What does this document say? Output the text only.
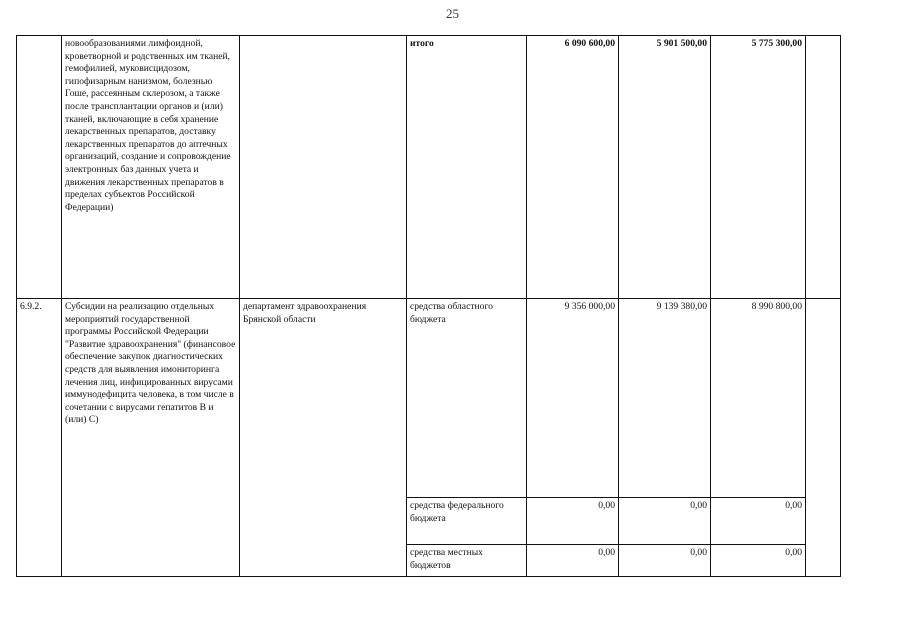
25
	новообразованиями лимфоидной, кроветворной и родственных им тканей, гемофилией, муковисцидозом, гипофизарным нанизмом, болезнью Гоше, рассеянным склерозом, а также после трансплантации органов и (или) тканей, включающие в себя хранение лекарственных препаратов, доставку лекарственных препаратов до аптечных организаций, создание и сопровождение электронных баз данных учета и движения лекарственных препаратов в пределах субъектов Российской Федерации)		итого	6 090 600,00	5 901 500,00	5 775 300,00	
6.9.2.	Субсидии на реализацию отдельных мероприятий государственной программы Российской Федерации "Развитие здравоохранения" (финансовое обеспечение закупок диагностических средств для выявления имониторинга лечения лиц, инфицированных вирусами иммунодефицита человека, в том числе в сочетании с вирусами гепатитов В и (или) С)	департамент здравоохранения Брянской области	средства областного бюджета	9 356 000,00	9 139 380,00	8 990 800,00	
			средства федерального бюджета	0,00	0,00	0,00	
			средства местных бюджетов	0,00	0,00	0,00	
